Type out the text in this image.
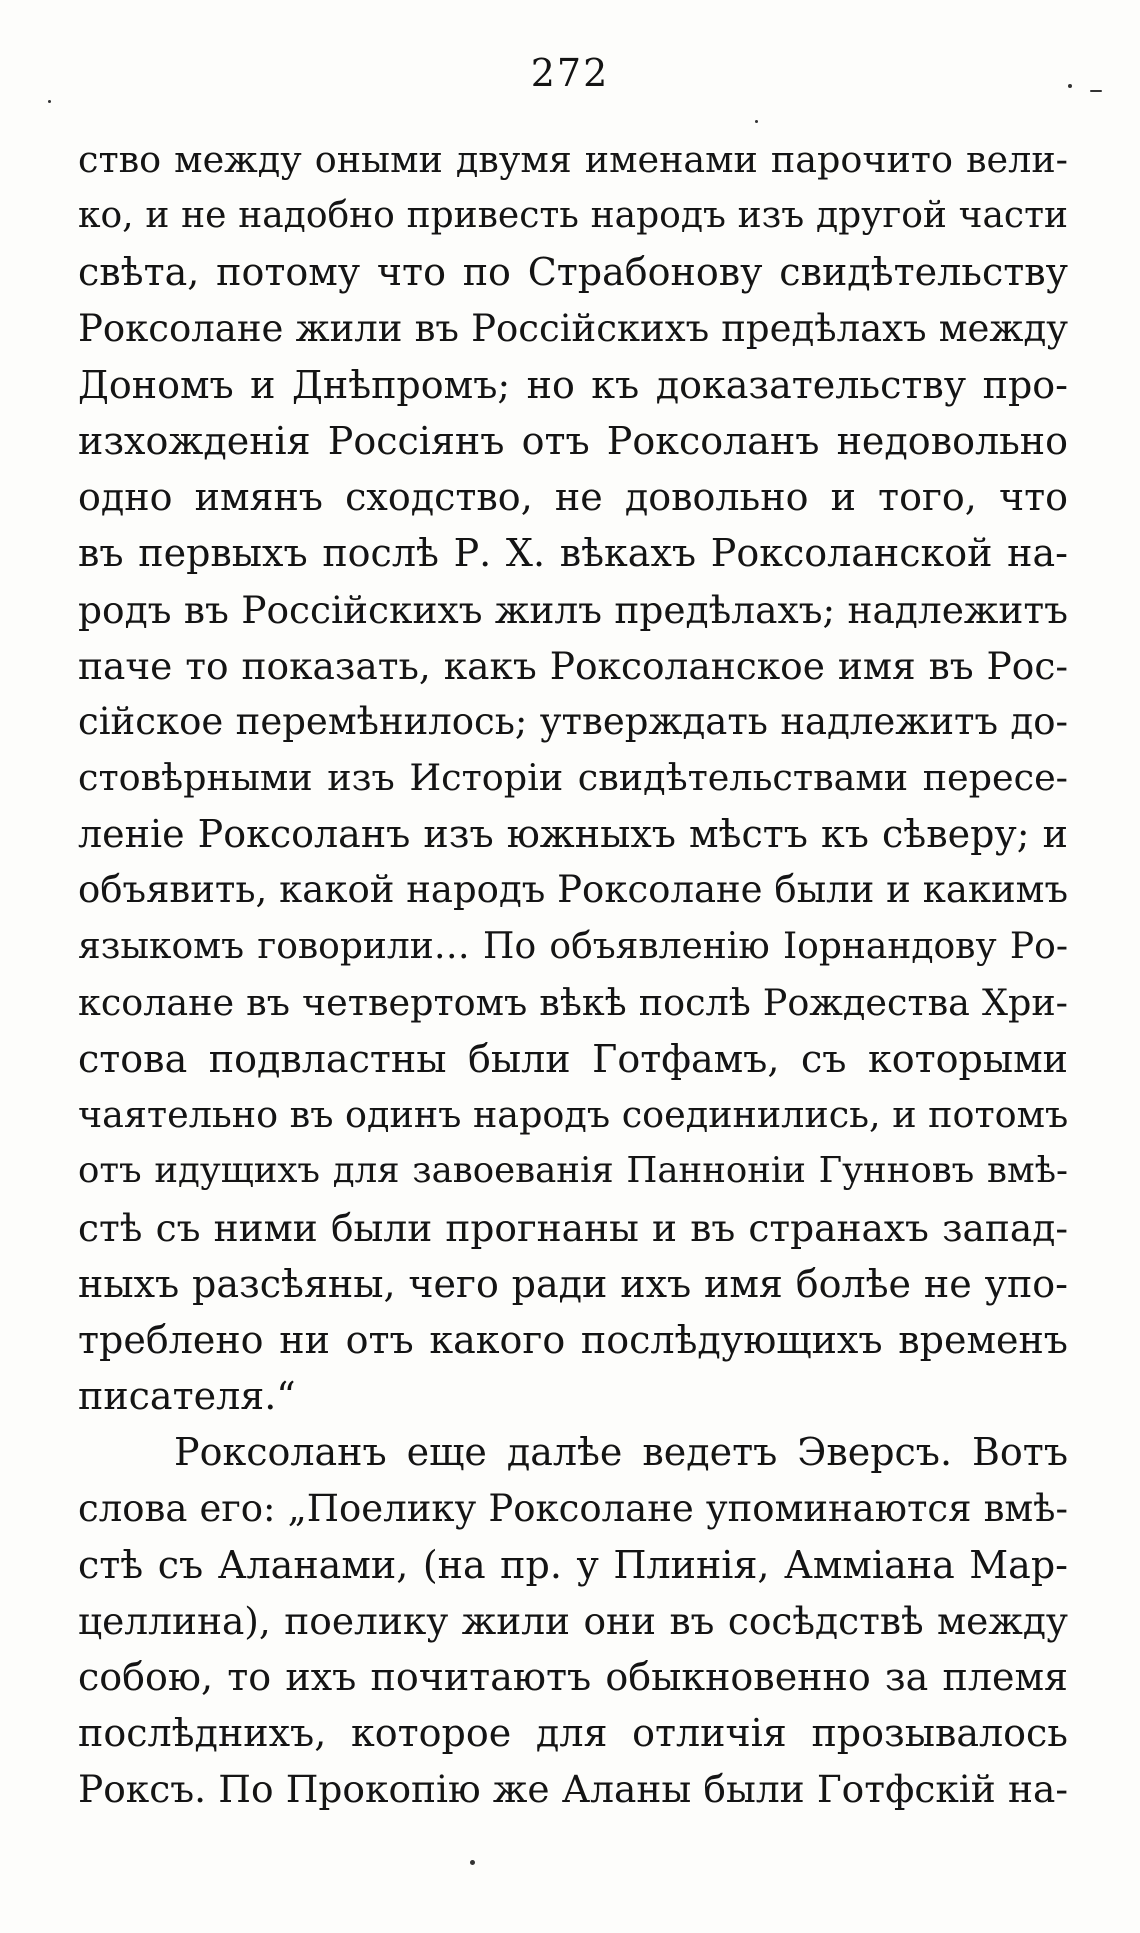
272
ство между оными двумя именами парочито вели-
ко, и не надобно привесть народъ изъ другой части
свѣта, потому что по Страбонову свидѣтельству
Роксолане жили въ Россійскихъ предѣлахъ между
Дономъ и Днѣпромъ; но къ доказательству про-
изхожденія Россіянъ отъ Роксоланъ недовольно
одно имянъ сходство, не довольно и того, что
въ первыхъ послѣ Р. Х. вѣкахъ Роксоланской на-
родъ въ Россійскихъ жилъ предѣлахъ; надлежитъ
паче то показать, какъ Роксоланское имя въ Рос-
сійское перемѣнилось; утверждать надлежитъ до-
стовѣрными изъ Исторіи свидѣтельствами пересе-
леніе Роксоланъ изъ южныхъ мѣстъ къ сѣверу; и
объявить, какой народъ Роксолане были и какимъ
языкомъ говорили… По объявленію Іорнандову Ро-
ксолане въ четвертомъ вѣкѣ послѣ Рождества Хри-
стова подвластны были Готфамъ, съ которыми
чаятельно въ одинъ народъ соединились, и потомъ
отъ идущихъ для завоеванія Панноніи Гунновъ вмѣ-
стѣ съ ними были прогнаны и въ странахъ запад-
ныхъ разсѣяны, чего ради ихъ имя болѣе не упо-
треблено ни отъ какого послѣдующихъ временъ
писателя.“
Роксоланъ еще далѣе ведетъ Эверсъ. Вотъ
слова его: „Поелику Роксолане упоминаются вмѣ-
стѣ съ Аланами, (на пр. у Плинія, Амміана Мар-
целлина), поелику жили они въ сосѣдствѣ между
собою, то ихъ почитаютъ обыкновенно за племя
послѣднихъ, которое для отличія прозывалось
Роксъ. По Прокопію же Аланы были Готфскій на-
